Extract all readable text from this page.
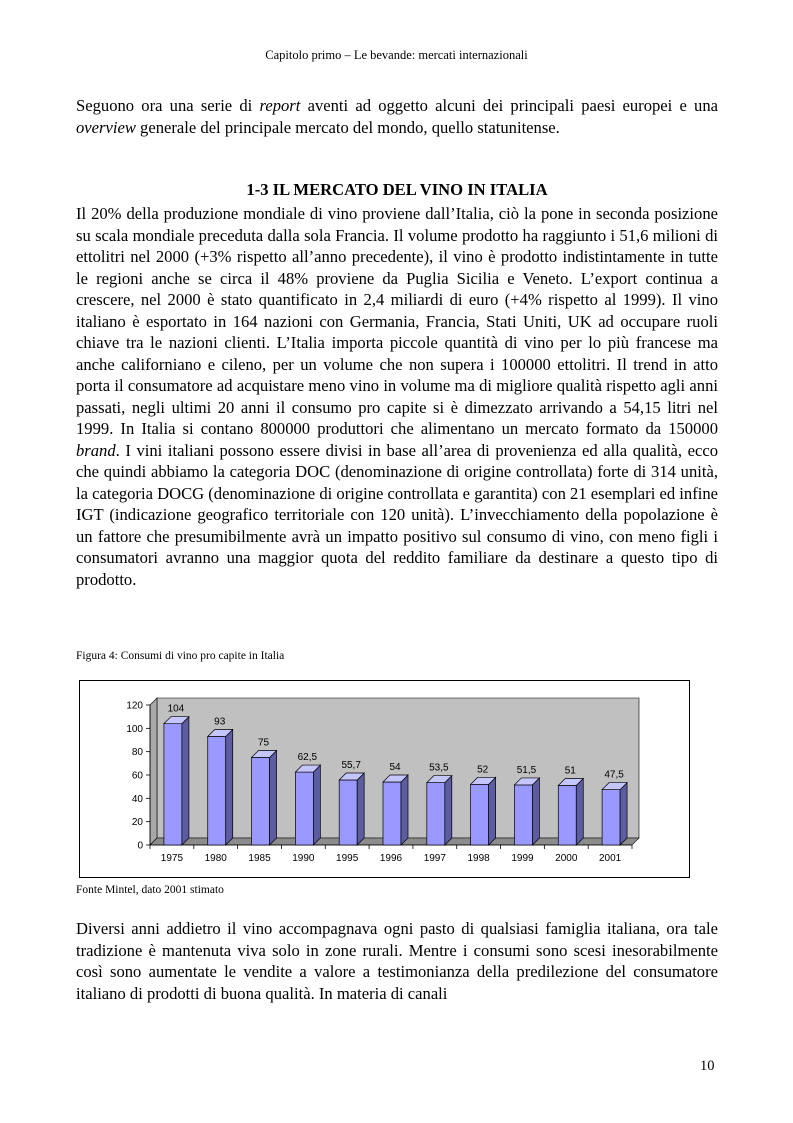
Capitolo primo – Le bevande: mercati internazionali

Seguono ora una serie di report aventi ad oggetto alcuni dei principali paesi europei e una overview generale del principale mercato del mondo, quello statunitense.

1-3 IL MERCATO DEL VINO IN ITALIA

Il 20% della produzione mondiale di vino proviene dall’Italia, ciò la pone in seconda posizione su scala mondiale preceduta dalla sola Francia. Il volume prodotto ha raggiunto i 51,6 milioni di ettolitri nel 2000 (+3% rispetto all’anno precedente), il vino è prodotto indistintamente in tutte le regioni anche se circa il 48% proviene da Puglia Sicilia e Veneto. L’export continua a crescere, nel 2000 è stato quantificato in 2,4 miliardi di euro (+4% rispetto al 1999). Il vino italiano è esportato in 164 nazioni con Germania, Francia, Stati Uniti, UK ad occupare ruoli chiave tra le nazioni clienti. L’Italia importa piccole quantità di vino per lo più francese ma anche californiano e cileno, per un volume che non supera i 100000 ettolitri. Il trend in atto porta il consumatore ad acquistare meno vino in volume ma di migliore qualità rispetto agli anni passati, negli ultimi 20 anni il consumo pro capite si è dimezzato arrivando a 54,15 litri nel 1999. In Italia si contano 800000 produttori che alimentano un mercato formato da 150000 brand. I vini italiani possono essere divisi in base all’area di provenienza ed alla qualità, ecco che quindi abbiamo la categoria DOC (denominazione di origine controllata) forte di 314 unità, la categoria DOCG (denominazione di origine controllata e garantita) con 21 esemplari ed infine IGT (indicazione geografico territoriale con 120 unità). L’invecchiamento della popolazione è un fattore che presumibilmente avrà un impatto positivo sul consumo di vino, con meno figli i consumatori avranno una maggior quota del reddito familiare da destinare a questo tipo di prodotto.

Figura 4: Consumi di vino pro capite in Italia
0
20
40
60
80
100
120 104
1975
93
1980
75
1985
62,5
1990
55,7
1995
54
1996
53,5
1997
52
1998
51,5
1999
51
2000
47,5
2001
Fonte Mintel, dato 2001 stimato

Diversi anni addietro il vino accompagnava ogni pasto di qualsiasi famiglia italiana, ora tale tradizione è mantenuta viva solo in zone rurali. Mentre i consumi sono scesi inesorabilmente così sono aumentate le vendite a valore a testimonianza della predilezione del consumatore italiano di prodotti di buona qualità. In materia di canali

10
